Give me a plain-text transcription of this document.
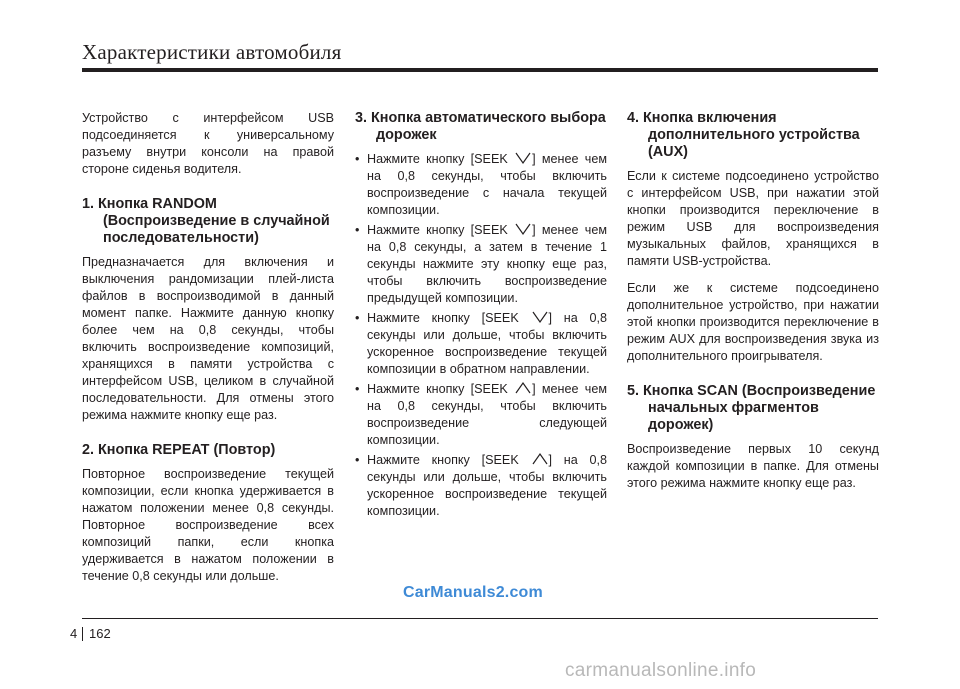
Характеристики автомобиля

Устройство с интерфейсом USB подсоединяется к универсальному разъему внутри консоли на правой стороне сиденья водителя.

1. Кнопка RANDOM (Воспроизведение в случайной последовательности)

Предназначается для включения и выключения рандомизации плей-листа файлов в воспроизводимой в данный момент папке. Нажмите данную кнопку более чем на 0,8 секунды, чтобы включить воспроизведение композиций, хранящихся в памяти устройства с интерфейсом USB, целиком в случайной последовательности. Для отмены этого режима нажмите кнопку еще раз.

2. Кнопка REPEAT (Повтор)

Повторное воспроизведение текущей композиции, если кнопка удерживается в нажатом положении менее 0,8 секунды. Повторное воспроизведение всех композиций папки, если кнопка удерживается в нажатом положении в течение 0,8 секунды или дольше.

3. Кнопка автоматического выбора дорожек
• Нажмите кнопку [SEEK ] менее чем на 0,8 секунды, чтобы включить воспроизведение с начала текущей композиции.
• Нажмите кнопку [SEEK ] менее чем на 0,8 секунды, а затем в течение 1 секунды нажмите эту кнопку еще раз, чтобы включить воспроизведение предыдущей композиции.
• Нажмите кнопку [SEEK ] на 0,8 секунды или дольше, чтобы включить ускоренное воспроизведение текущей композиции в обратном направлении.
• Нажмите кнопку [SEEK ] менее чем на 0,8 секунды, чтобы включить воспроизведение следующей композиции.
• Нажмите кнопку [SEEK ] на 0,8 секунды или дольше, чтобы включить ускоренное воспроизведение текущей композиции.
4. Кнопка включения дополнительного устройства (AUX)

Если к системе подсоединено устройство с интерфейсом USB, при нажатии этой кнопки производится переключение в режим USB для воспроизведения музыкальных файлов, хранящихся в памяти USB-устройства.

Если же к системе подсоединено дополнительное устройство, при нажатии этой кнопки производится переключение в режим AUX для воспроизведения звука из дополнительного проигрывателя.

5. Кнопка SCAN (Воспроизведение начальных фрагментов дорожек)

Воспроизведение первых 10 секунд каждой композиции в папке. Для отмены этого режима нажмите кнопку еще раз.

CarManuals2.com
4 162
carmanualsonline.info
